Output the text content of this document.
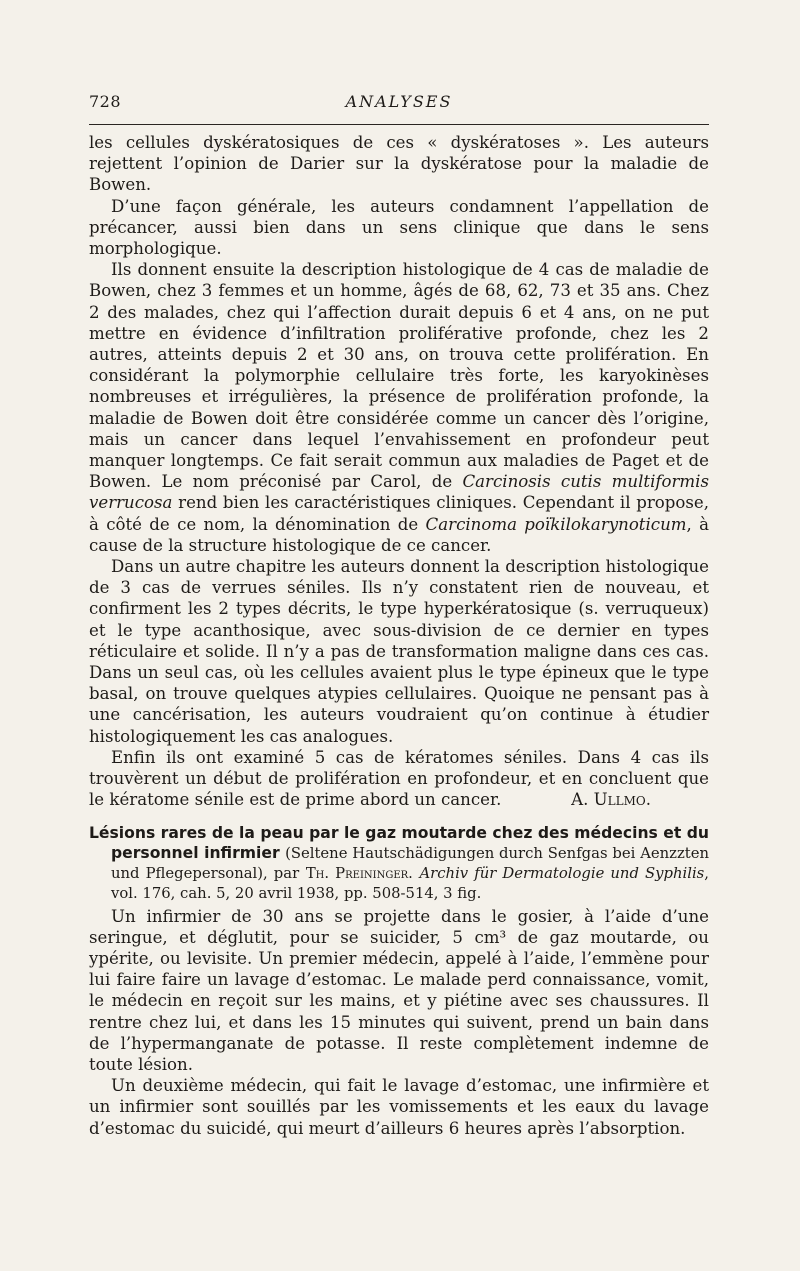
728	ANALYSES

les cellules dyskératosiques de ces « dyskératoses ». Les auteurs rejettent l’opinion de Darier sur la dyskératose pour la maladie de Bowen.

D’une façon générale, les auteurs condamnent l’appellation de précancer, aussi bien dans un sens clinique que dans le sens morphologique.

Ils donnent ensuite la description histologique de 4 cas de maladie de Bowen, chez 3 femmes et un homme, âgés de 68, 62, 73 et 35 ans. Chez 2 des malades, chez qui l’affection durait depuis 6 et 4 ans, on ne put mettre en évidence d’infiltration proliférative profonde, chez les 2 autres, atteints depuis 2 et 30 ans, on trouva cette prolifération. En considérant la polymorphie cellulaire très forte, les karyokinèses nombreuses et irrégulières, la présence de prolifération profonde, la maladie de Bowen doit être considérée comme un cancer dès l’origine, mais un cancer dans lequel l’envahissement en profondeur peut manquer longtemps. Ce fait serait commun aux maladies de Paget et de Bowen. Le nom préconisé par Carol, de Carcinosis cutis multiformis verrucosa rend bien les caractéristiques cliniques. Cependant il propose, à côté de ce nom, la dénomination de Carcinoma poïkilokarynoticum, à cause de la structure histologique de ce cancer.

Dans un autre chapitre les auteurs donnent la description histologique de 3 cas de verrues séniles. Ils n’y constatent rien de nouveau, et confirment les 2 types décrits, le type hyperkératosique (s. verruqueux) et le type acanthosique, avec sous-division de ce dernier en types réticulaire et solide. Il n’y a pas de transformation maligne dans ces cas. Dans un seul cas, où les cellules avaient plus le type épineux que le type basal, on trouve quelques atypies cellulaires. Quoique ne pensant pas à une cancérisation, les auteurs voudraient qu’on continue à étudier histologiquement les cas analogues.

Enfin ils ont examiné 5 cas de kératomes séniles. Dans 4 cas ils trouvèrent un début de prolifération en profondeur, et en concluent que le kératome sénile est de prime abord un cancer.	A. Ullmo.

Lésions rares de la peau par le gaz moutarde chez des médecins et du personnel infirmier (Seltene Hautschädigungen durch Senfgas bei Aenzzten und Pflegepersonal), par Th. Preininger. Archiv für Dermatologie und Syphilis, vol. 176, cah. 5, 20 avril 1938, pp. 508-514, 3 fig.

Un infirmier de 30 ans se projette dans le gosier, à l’aide d’une seringue, et déglutit, pour se suicider, 5 cm³ de gaz moutarde, ou ypérite, ou levisite. Un premier médecin, appelé à l’aide, l’emmène pour lui faire faire un lavage d’estomac. Le malade perd connaissance, vomit, le médecin en reçoit sur les mains, et y piétine avec ses chaussures. Il rentre chez lui, et dans les 15 minutes qui suivent, prend un bain dans de l’hypermanganate de potasse. Il reste complètement indemne de toute lésion.

Un deuxième médecin, qui fait le lavage d’estomac, une infirmière et un infirmier sont souillés par les vomissements et les eaux du lavage d’estomac du suicidé, qui meurt d’ailleurs 6 heures après l’absorption.
